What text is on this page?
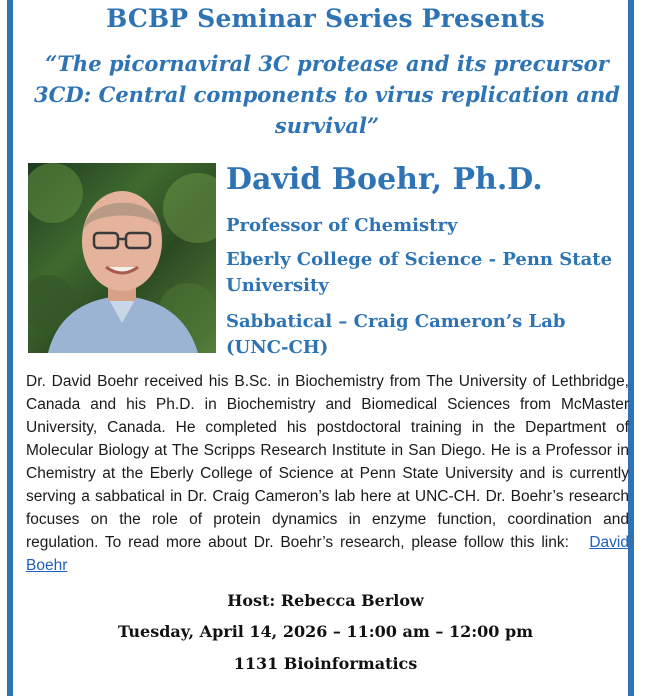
BCBP Seminar Series Presents
“The picornaviral 3C protease and its precursor
3CD: Central components to virus replication and
survival”
David Boehr, Ph.D.
Professor of Chemistry
Eberly College of Science - Penn State
University
Sabbatical – Craig Cameron’s Lab
(UNC-CH)
Dr. David Boehr received his B.Sc. in Biochemistry from The University of Lethbridge, Canada and his Ph.D. in Biochemistry and Biomedical Sciences from McMaster University, Canada. He completed his postdoctoral training in the Department of Molecular Biology at The Scripps Research Institute in San Diego. He is a Professor in Chemistry at the Eberly College of Science at Penn State University and is currently serving a sabbatical in Dr. Craig Cameron’s lab here at UNC-CH. Dr. Boehr’s research focuses on the role of protein dynamics in enzyme function, coordination and regulation. To read more about Dr. Boehr’s research, please follow this link: David Boehr
Host: Rebecca Berlow
Tuesday, April 14, 2026 – 11:00 am – 12:00 pm
1131 Bioinformatics
